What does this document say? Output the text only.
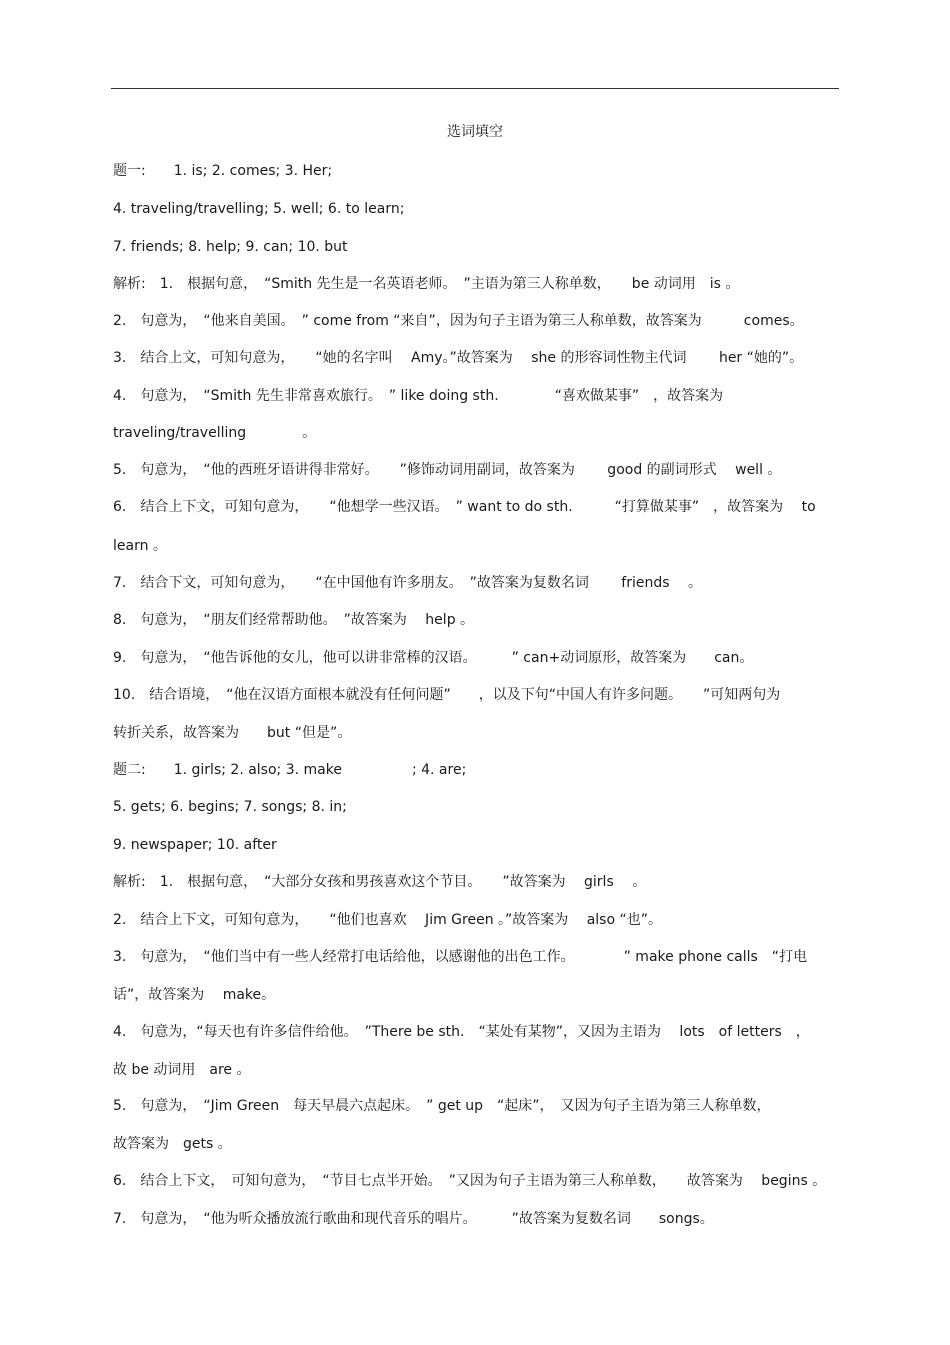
选词填空
题一:　　1. is; 2. comes; 3. Her;
4. traveling/travelling; 5. well; 6. to learn;
7. friends; 8. help; 9. can; 10. but
解析:　1.　根据句意，　“Smith 先生是一名英语老师。　”主语为第三人称单数，　　be 动词用　is 。
2.　句意为，　“他来自美国。　” come from “来自”，因为句子主语为第三人称单数，故答案为　　　comes。
3.　结合上文，可知句意为，　　“她的名字叫　 Amy。”故答案为　 she 的形容词性物主代词　　 her “她的”。
4.　句意为，　“Smith 先生非常喜欢旅行。　” like doing sth.　　　　“喜欢做某事”　，故答案为
traveling/travelling　　　　。
5.　句意为，　“他的西班牙语讲得非常好。　　”修饰动词用副词，故答案为　　 good 的副词形式　 well 。
6.　结合上下文，可知句意为，　　“他想学一些汉语。　” want to do sth.　　　“打算做某事”　，故答案为　 to
learn 。
7.　结合下文，可知句意为，　　“在中国他有许多朋友。　”故答案为复数名词　　 friends　 。
8.　句意为，　“朋友们经常帮助他。　”故答案为　 help 。
9.　句意为，　“他告诉他的女儿，他可以讲非常棒的汉语。　　　” can+动词原形，故答案为　　can。
10.　结合语境，　“他在汉语方面根本就没有任何问题”　　，以及下句“中国人有许多问题。　　”可知两句为
转折关系，故答案为　　but “但是”。
题二:　　1. girls; 2. also; 3. make　　　　　; 4. are;
5. gets; 6. begins; 7. songs; 8. in;
9. newspaper; 10. after
解析:　1.　根据句意，　“大部分女孩和男孩喜欢这个节目。　　”故答案为　 girls　 。
2.　结合上下文，可知句意为，　　“他们也喜欢　 Jim Green 。”故答案为　 also “也”。
3.　句意为，　“他们当中有一些人经常打电话给他，以感谢他的出色工作。　　　　” make phone calls　“打电
话”，故答案为　 make。
4.　句意为，“每天也有许多信件给他。　”There be sth.　“某处有某物”，又因为主语为　 lots　of letters　，
故 be 动词用　are 。
5.　句意为，　“Jim Green　每天早晨六点起床。　” get up　“起床”，　又因为句子主语为第三人称单数，
故答案为　gets 。
6.　结合上下文，　可知句意为，　“节目七点半开始。　”又因为句子主语为第三人称单数，　　故答案为　 begins 。
7.　句意为，　“他为听众播放流行歌曲和现代音乐的唱片。　　　”故答案为复数名词　　songs。
